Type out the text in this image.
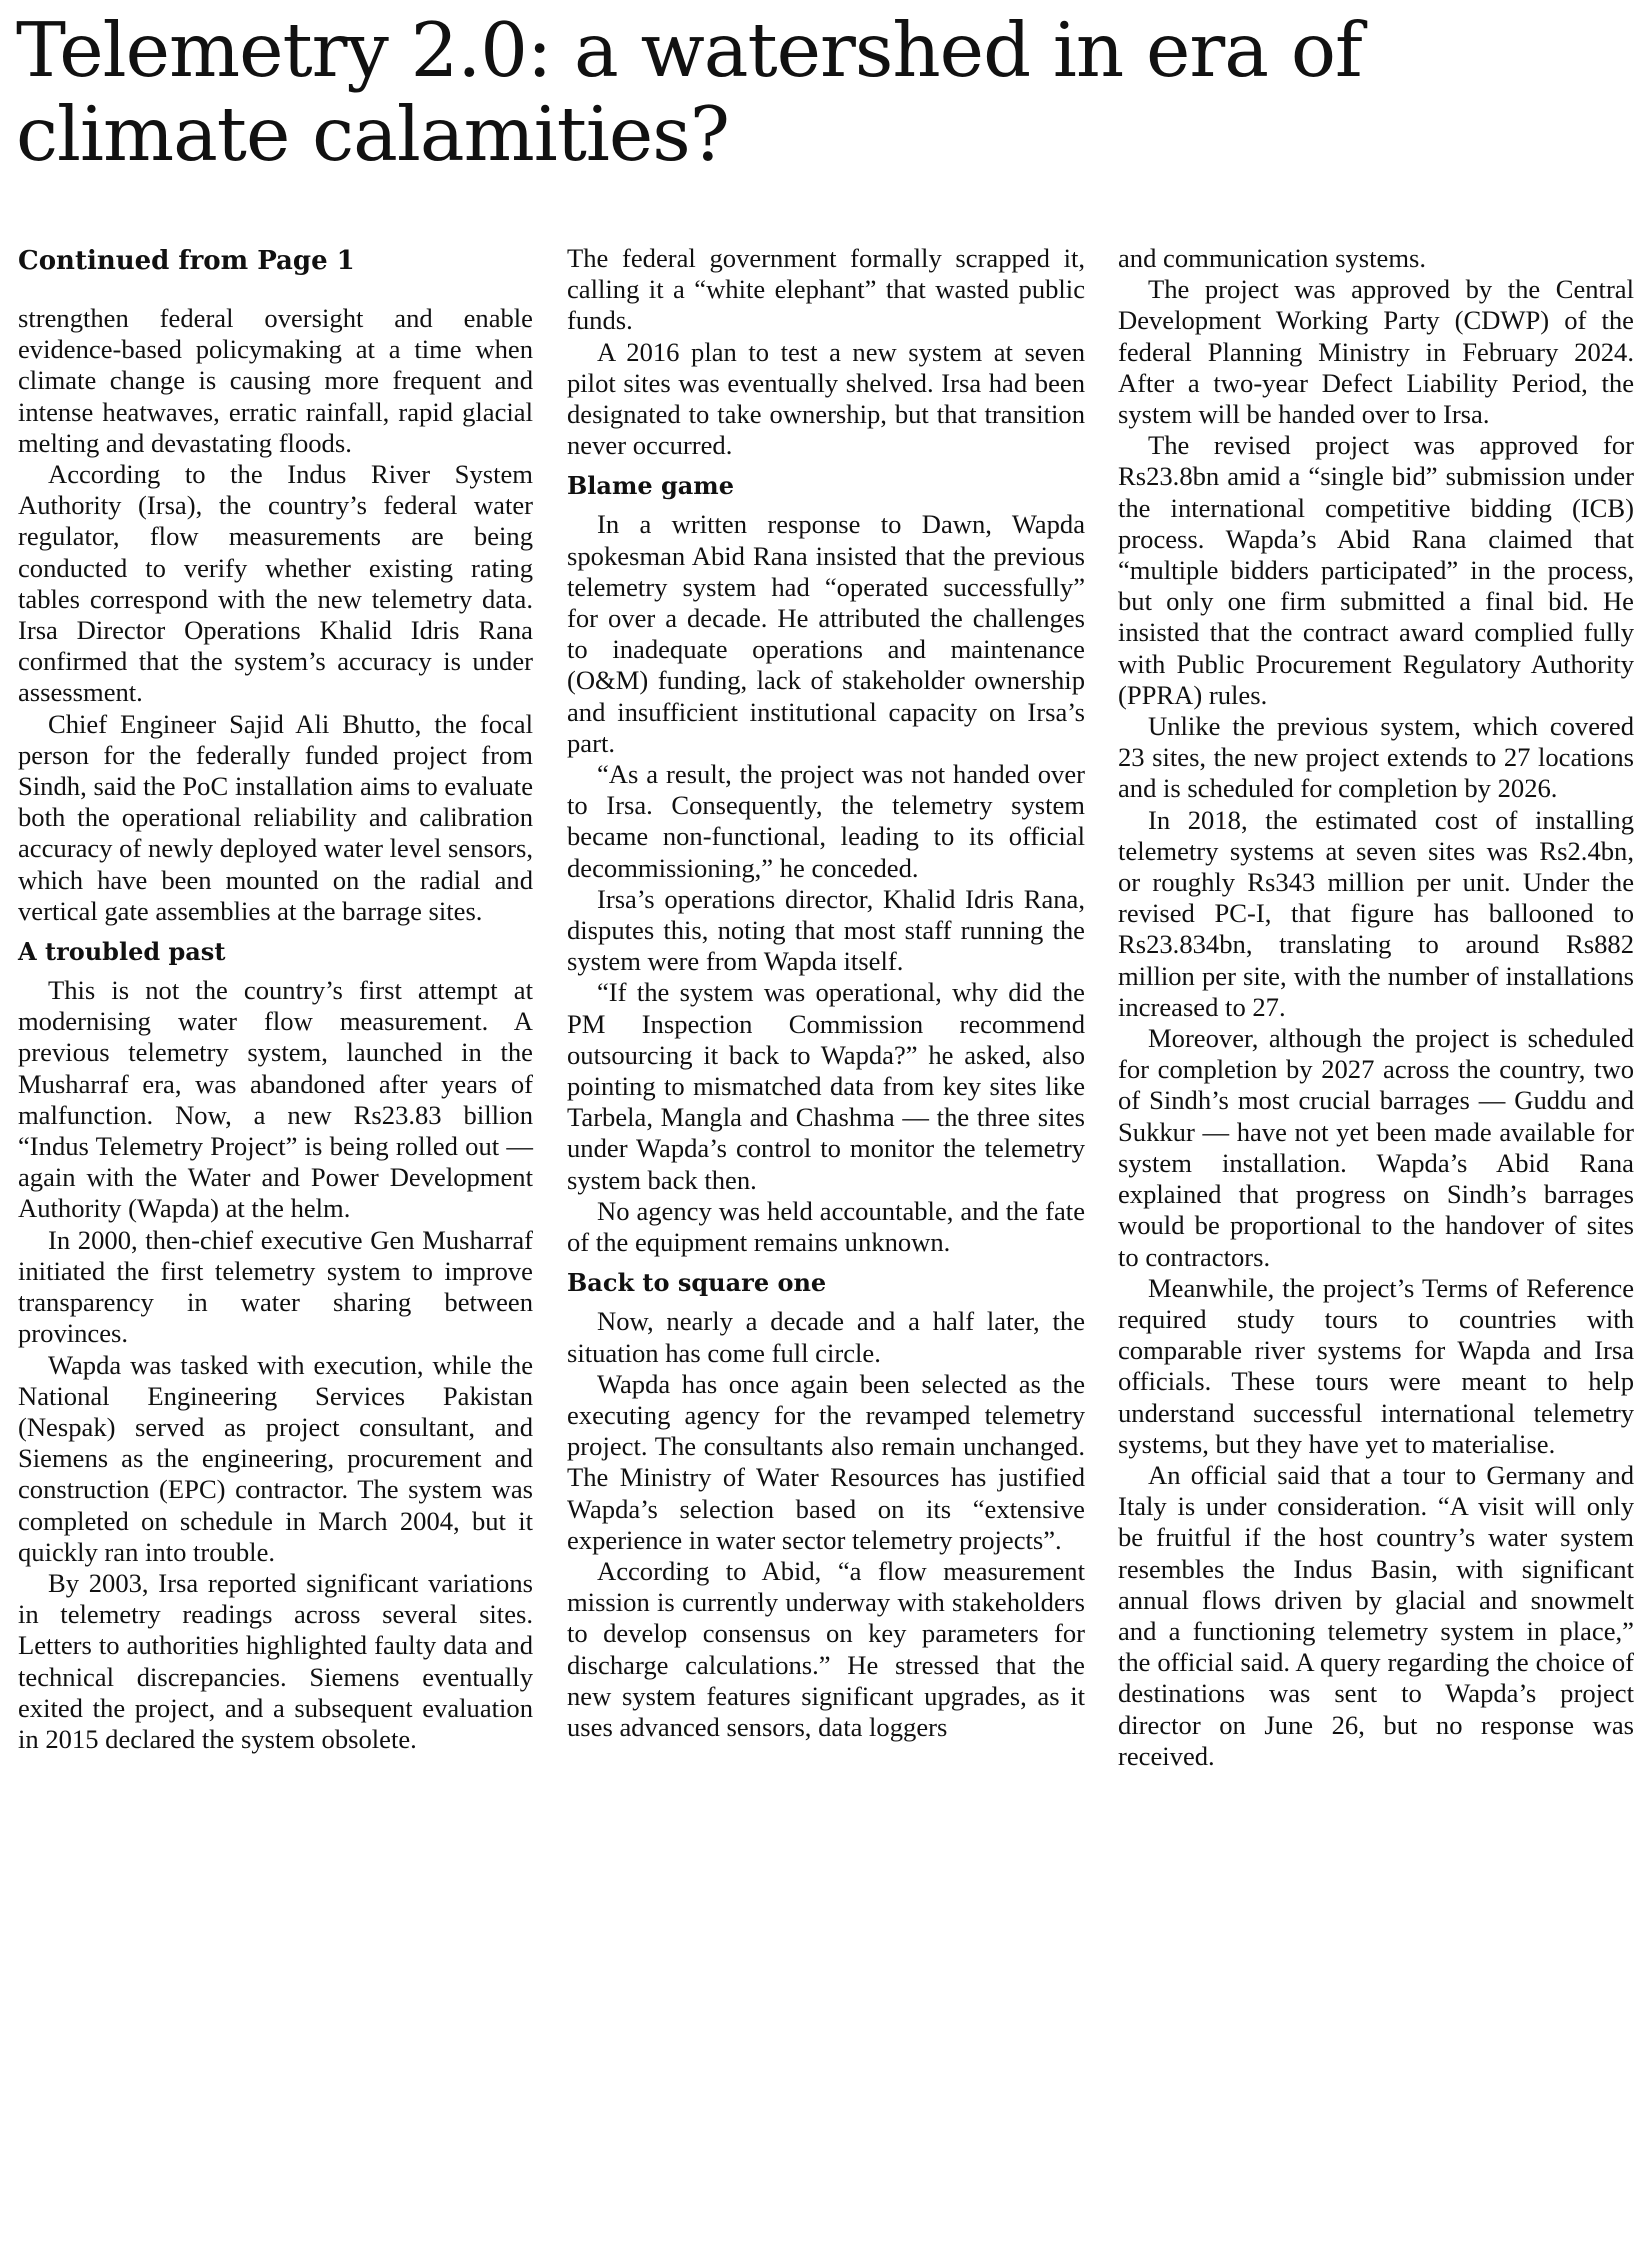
Telemetry 2.0: a watershed in era of climate calamities?
Continued from Page 1

strengthen federal oversight and enable evidence-based policymaking at a time when climate change is causing more frequent and intense heatwaves, erratic rainfall, rapid glacial melting and devastating floods.

According to the Indus River System Authority (Irsa), the country’s federal water regulator, flow measurements are being conducted to verify whether existing rating tables correspond with the new telemetry data. Irsa Director Operations Khalid Idris Rana confirmed that the system’s accuracy is under assessment.

Chief Engineer Sajid Ali Bhutto, the focal person for the federally funded project from Sindh, said the PoC installation aims to evaluate both the operational reliability and calibration accuracy of newly deployed water level sensors, which have been mounted on the radial and vertical gate assemblies at the barrage sites.

A troubled past

This is not the country’s first attempt at modernising water flow measurement. A previous telemetry system, launched in the Musharraf era, was abandoned after years of malfunction. Now, a new Rs23.83 billion “Indus Telemetry Project” is being rolled out — again with the Water and Power Development Authority (Wapda) at the helm.

In 2000, then-chief executive Gen Musharraf initiated the first telemetry system to improve transparency in water sharing between provinces.

Wapda was tasked with execution, while the National Engineering Services Pakistan (Nespak) served as project consultant, and Siemens as the engineering, procurement and construction (EPC) contractor. The system was completed on schedule in March 2004, but it quickly ran into trouble.

By 2003, Irsa reported significant variations in telemetry readings across several sites. Letters to authorities highlighted faulty data and technical discrepancies. Siemens eventually exited the project, and a subsequent evaluation in 2015 declared the system obsolete.

The federal government formally scrapped it, calling it a “white elephant” that wasted public funds.

A 2016 plan to test a new system at seven pilot sites was eventually shelved. Irsa had been designated to take ownership, but that transition never occurred.

Blame game

In a written response to Dawn, Wapda spokesman Abid Rana insisted that the previous telemetry system had “operated successfully” for over a decade. He attributed the challenges to inadequate operations and maintenance (O&M) funding, lack of stakeholder ownership and insufficient institutional capacity on Irsa’s part.

“As a result, the project was not handed over to Irsa. Consequently, the telemetry system became non-functional, leading to its official decommissioning,” he conceded.

Irsa’s operations director, Khalid Idris Rana, disputes this, noting that most staff running the system were from Wapda itself.

“If the system was operational, why did the PM Inspection Commission recommend outsourcing it back to Wapda?” he asked, also pointing to mismatched data from key sites like Tarbela, Mangla and Chashma — the three sites under Wapda’s control to monitor the telemetry system back then.

No agency was held accountable, and the fate of the equipment remains unknown.

Back to square one

Now, nearly a decade and a half later, the situation has come full circle.

Wapda has once again been selected as the executing agency for the revamped telemetry project. The consultants also remain unchanged. The Ministry of Water Resources has justified Wapda’s selection based on its “extensive experience in water sector telemetry projects”.

According to Abid, “a flow measurement mission is currently underway with stakeholders to develop consensus on key parameters for discharge calculations.” He stressed that the new system features significant upgrades, as it uses advanced sensors, data loggers

and communication systems.

The project was approved by the Central Development Working Party (CDWP) of the federal Planning Ministry in February 2024. After a two-year Defect Liability Period, the system will be handed over to Irsa.

The revised project was approved for Rs23.8bn amid a “single bid” submission under the international competitive bidding (ICB) process. Wapda’s Abid Rana claimed that “multiple bidders participated” in the process, but only one firm submitted a final bid. He insisted that the contract award complied fully with Public Procurement Regulatory Authority (PPRA) rules.

Unlike the previous system, which covered 23 sites, the new project extends to 27 locations and is scheduled for completion by 2026.

In 2018, the estimated cost of installing telemetry systems at seven sites was Rs2.4bn, or roughly Rs343 million per unit. Under the revised PC-I, that figure has ballooned to Rs23.834bn, translating to around Rs882 million per site, with the number of installations increased to 27.

Moreover, although the project is scheduled for completion by 2027 across the country, two of Sindh’s most crucial barrages — Guddu and Sukkur — have not yet been made available for system installation. Wapda’s Abid Rana explained that progress on Sindh’s barrages would be proportional to the handover of sites to contractors.

Meanwhile, the project’s Terms of Reference required study tours to countries with comparable river systems for Wapda and Irsa officials. These tours were meant to help understand successful international telemetry systems, but they have yet to materialise.

An official said that a tour to Germany and Italy is under consideration. “A visit will only be fruitful if the host country’s water system resembles the Indus Basin, with significant annual flows driven by glacial and snowmelt and a functioning telemetry system in place,” the official said. A query regarding the choice of destinations was sent to Wapda’s project director on June 26, but no response was received.
